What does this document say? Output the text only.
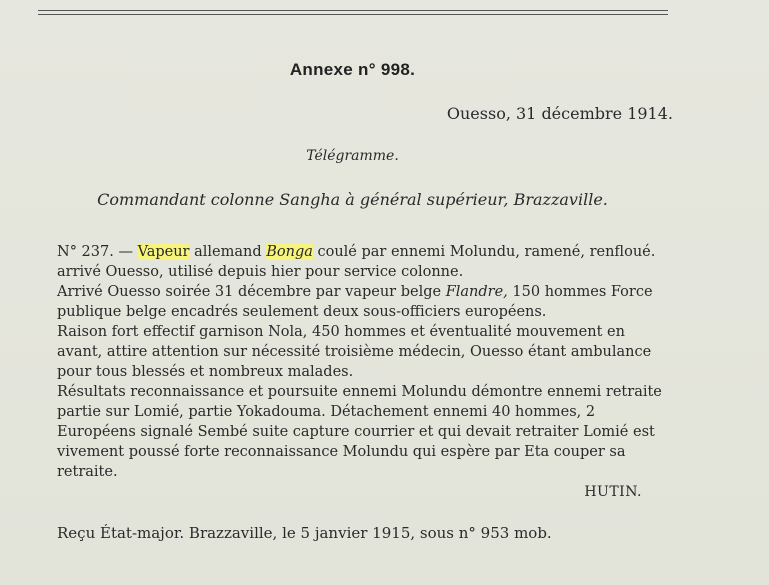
Annexe n° 998.
Ouesso, 31 décembre 1914.
Télégramme.
Commandant colonne Sangha à général supérieur, Brazzaville.

N° 237. — Vapeur allemand Bonga coulé par ennemi Molundu, ramené, renfloué. arrivé Ouesso, utilisé depuis hier pour service colonne.

Arrivé Ouesso soirée 31 décembre par vapeur belge Flandre, 150 hommes Force publique belge encadrés seulement deux sous-officiers européens.

Raison fort effectif garnison Nola, 450 hommes et éventualité mouvement en avant, attire attention sur nécessité troisième médecin, Ouesso étant ambulance pour tous blessés et nombreux malades.

Résultats reconnaissance et poursuite ennemi Molundu démontre ennemi retraite partie sur Lomié, partie Yokadouma. Détachement ennemi 40 hommes, 2 Européens signalé Sembé suite capture courrier et qui devait retraiter Lomié est vivement poussé forte reconnaissance Molundu qui espère par Eta couper sa retraite.

HUTIN.
Reçu État-major. Brazzaville, le 5 janvier 1915, sous n° 953 mob.
